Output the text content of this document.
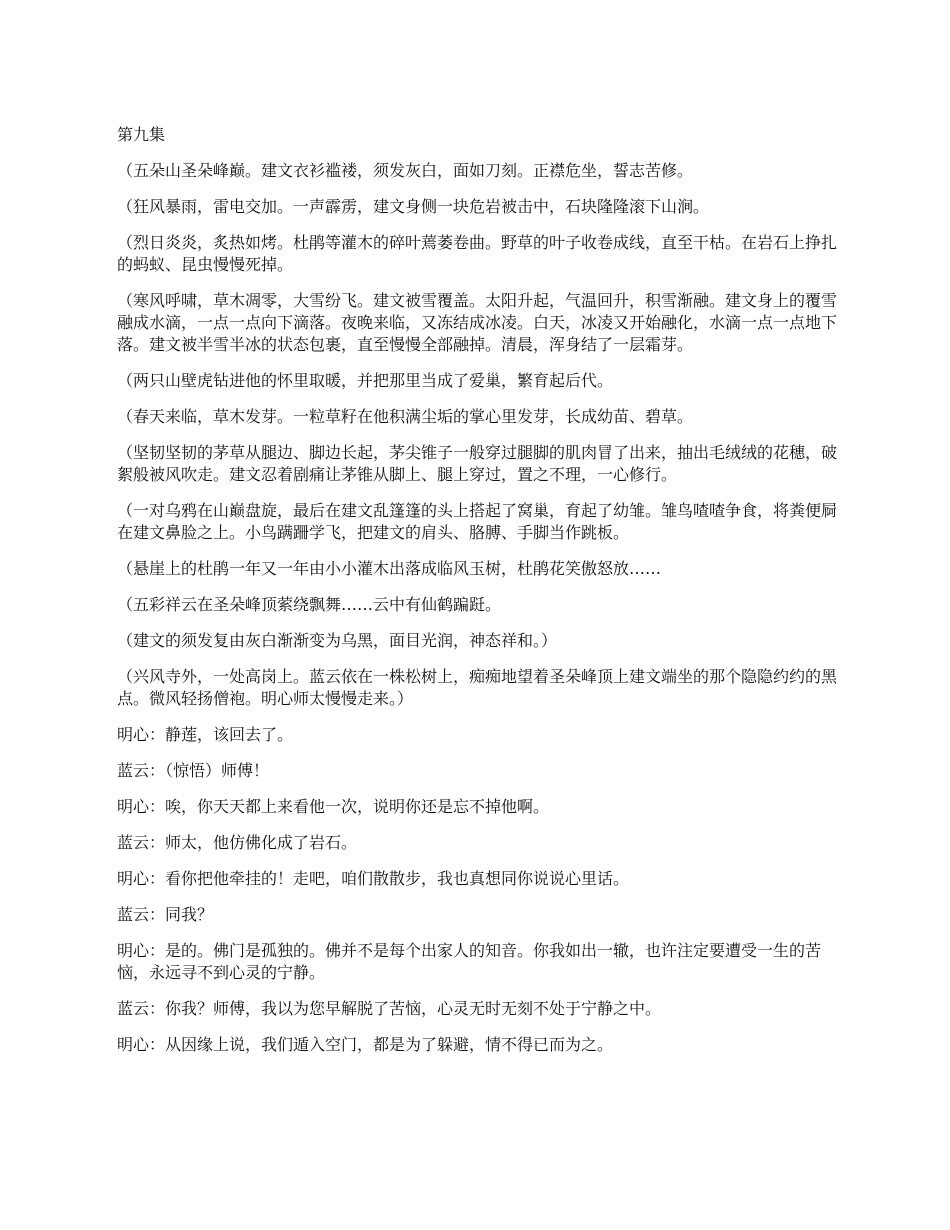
第九集

（五朵山圣朵峰巅。建文衣衫褴褛，须发灰白，面如刀刻。正襟危坐，誓志苦修。

（狂风暴雨，雷电交加。一声霹雳，建文身侧一块危岩被击中，石块隆隆滚下山涧。

（烈日炎炎，炙热如烤。杜鹃等灌木的碎叶蔫萎卷曲。野草的叶子收卷成线，直至干枯。在岩石上挣扎的蚂蚁、昆虫慢慢死掉。

（寒风呼啸，草木凋零，大雪纷飞。建文被雪覆盖。太阳升起，气温回升，积雪渐融。建文身上的覆雪融成水滴，一点一点向下滴落。夜晚来临，又冻结成冰凌。白天，冰凌又开始融化，水滴一点一点地下落。建文被半雪半冰的状态包裹，直至慢慢全部融掉。清晨，浑身结了一层霜芽。

（两只山壁虎钻进他的怀里取暖，并把那里当成了爱巢，繁育起后代。

（春天来临，草木发芽。一粒草籽在他积满尘垢的掌心里发芽，长成幼苗、碧草。

（坚韧坚韧的茅草从腿边、脚边长起，茅尖锥子一般穿过腿脚的肌肉冒了出来，抽出毛绒绒的花穗，破絮般被风吹走。建文忍着剧痛让茅锥从脚上、腿上穿过，置之不理，一心修行。

（一对乌鸦在山巅盘旋，最后在建文乱篷篷的头上搭起了窝巢，育起了幼雏。雏鸟喳喳争食，将粪便屙在建文鼻脸之上。小鸟蹒跚学飞，把建文的肩头、胳膊、手脚当作跳板。

（悬崖上的杜鹃一年又一年由小小灌木出落成临风玉树，杜鹃花笑傲怒放……

（五彩祥云在圣朵峰顶萦绕飘舞……云中有仙鹤蹁跹。

（建文的须发复由灰白渐渐变为乌黑，面目光润，神态祥和。）

（兴风寺外，一处高岗上。蓝云依在一株松树上，痴痴地望着圣朵峰顶上建文端坐的那个隐隐约约的黑点。微风轻扬僧袍。明心师太慢慢走来。）

明心：静莲，该回去了。

蓝云：（惊悟）师傅！

明心：唉，你天天都上来看他一次，说明你还是忘不掉他啊。

蓝云：师太，他仿佛化成了岩石。

明心：看你把他牵挂的！走吧，咱们散散步，我也真想同你说说心里话。

蓝云：同我？

明心：是的。佛门是孤独的。佛并不是每个出家人的知音。你我如出一辙，也许注定要遭受一生的苦恼，永远寻不到心灵的宁静。

蓝云：你我？师傅，我以为您早解脱了苦恼，心灵无时无刻不处于宁静之中。

明心：从因缘上说，我们遁入空门，都是为了躲避，情不得已而为之。
